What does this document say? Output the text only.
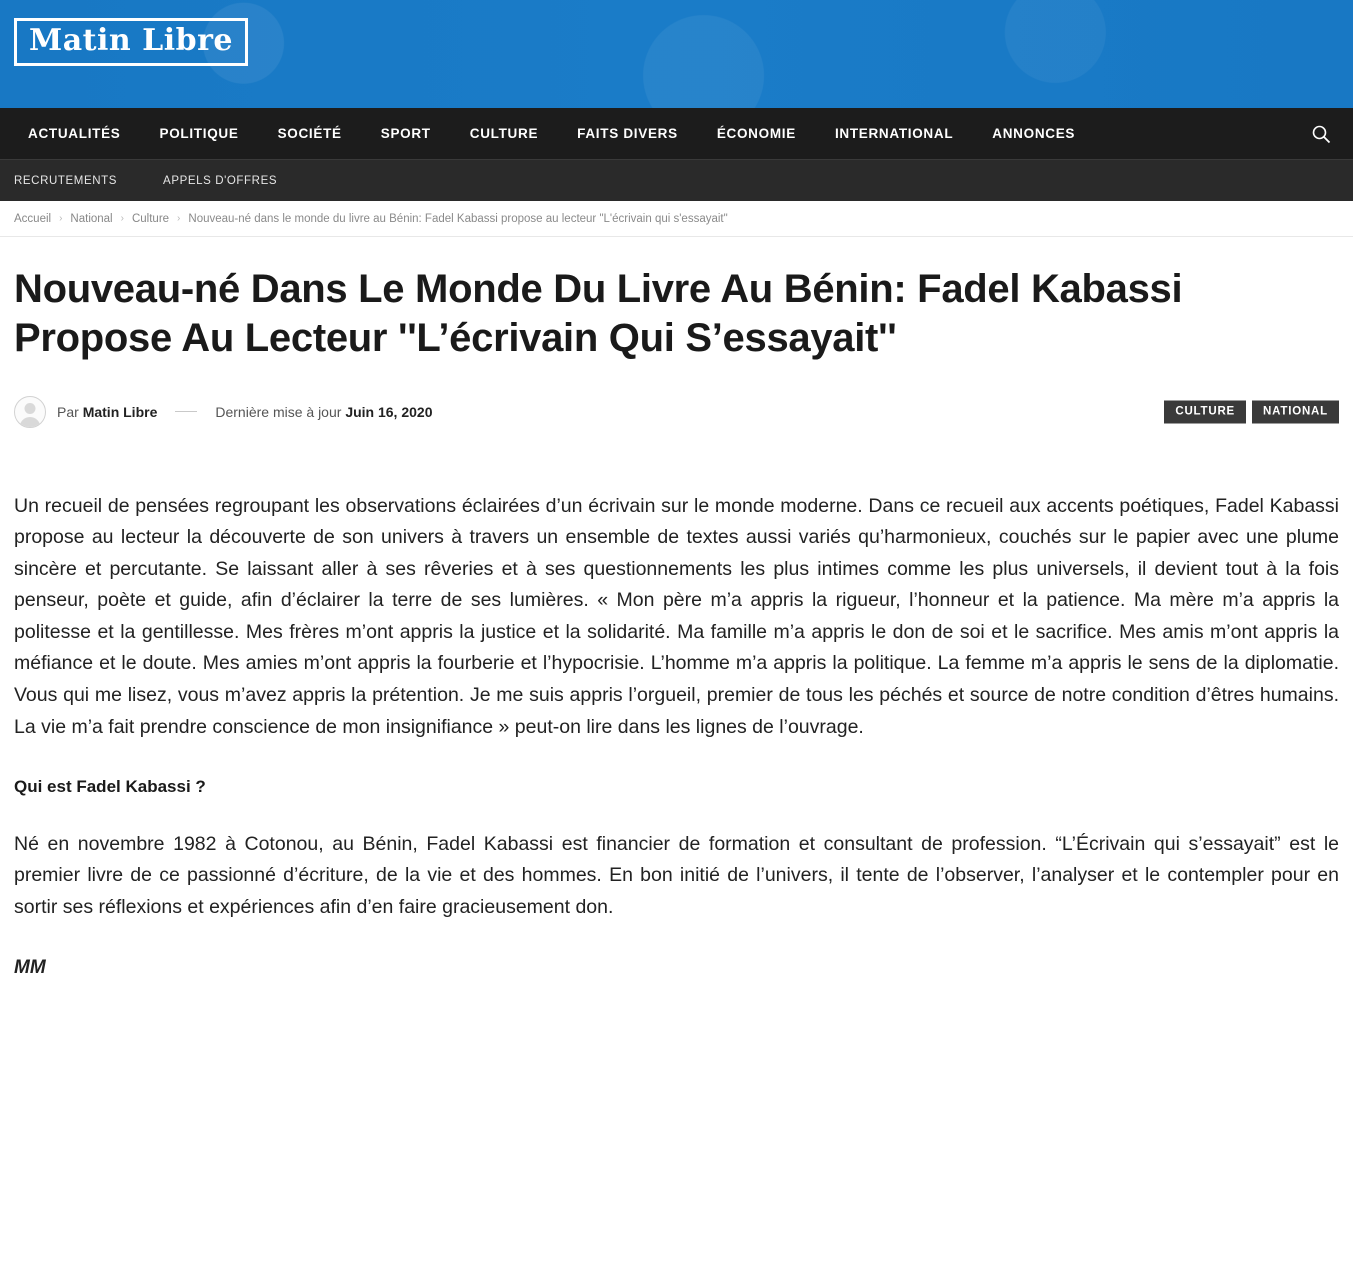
Matin Libre
ACTUALITÉS	POLITIQUE	SOCIÉTÉ	SPORT	CULTURE	FAITS DIVERS	ÉCONOMIE	INTERNATIONAL	ANNONCES
RECRUTEMENTS	APPELS D'OFFRES
Accueil › National › Culture › Nouveau-né dans le monde du livre au Bénin: Fadel Kabassi propose au lecteur "L'écrivain qui s'essayait"
Nouveau-né Dans Le Monde Du Livre Au Bénin: Fadel Kabassi Propose Au Lecteur ''L’écrivain Qui S’essayait''
Par Matin Libre	Dernière mise à jour Juin 16, 2020	CULTURE	NATIONAL

Un recueil de pensées regroupant les observations éclairées d’un écrivain sur le monde moderne. Dans ce recueil aux accents poétiques, Fadel Kabassi propose au lecteur la découverte de son univers à travers un ensemble de textes aussi variés qu’harmonieux, couchés sur le papier avec une plume sincère et percutante. Se laissant aller à ses rêveries et à ses questionnements les plus intimes comme les plus universels, il devient tout à la fois penseur, poète et guide, afin d’éclairer la terre de ses lumières. « Mon père m’a appris la rigueur, l’honneur et la patience. Ma mère m’a appris la politesse et la gentillesse. Mes frères m’ont appris la justice et la solidarité. Ma famille m’a appris le don de soi et le sacrifice. Mes amis m’ont appris la méfiance et le doute. Mes amies m’ont appris la fourberie et l’hypocrisie. L’homme m’a appris la politique. La femme m’a appris le sens de la diplomatie. Vous qui me lisez, vous m’avez appris la prétention. Je me suis appris l’orgueil, premier de tous les péchés et source de notre condition d’êtres humains. La vie m’a fait prendre conscience de mon insignifiance » peut-on lire dans les lignes de l’ouvrage.

Qui est Fadel Kabassi ?

Né en novembre 1982 à Cotonou, au Bénin, Fadel Kabassi est financier de formation et consultant de profession. “L’Écrivain qui s’essayait” est le premier livre de ce passionné d’écriture, de la vie et des hommes. En bon initié de l’univers, il tente de l’observer, l’analyser et le contempler pour en sortir ses réflexions et expériences afin d’en faire gracieusement don.

MM
